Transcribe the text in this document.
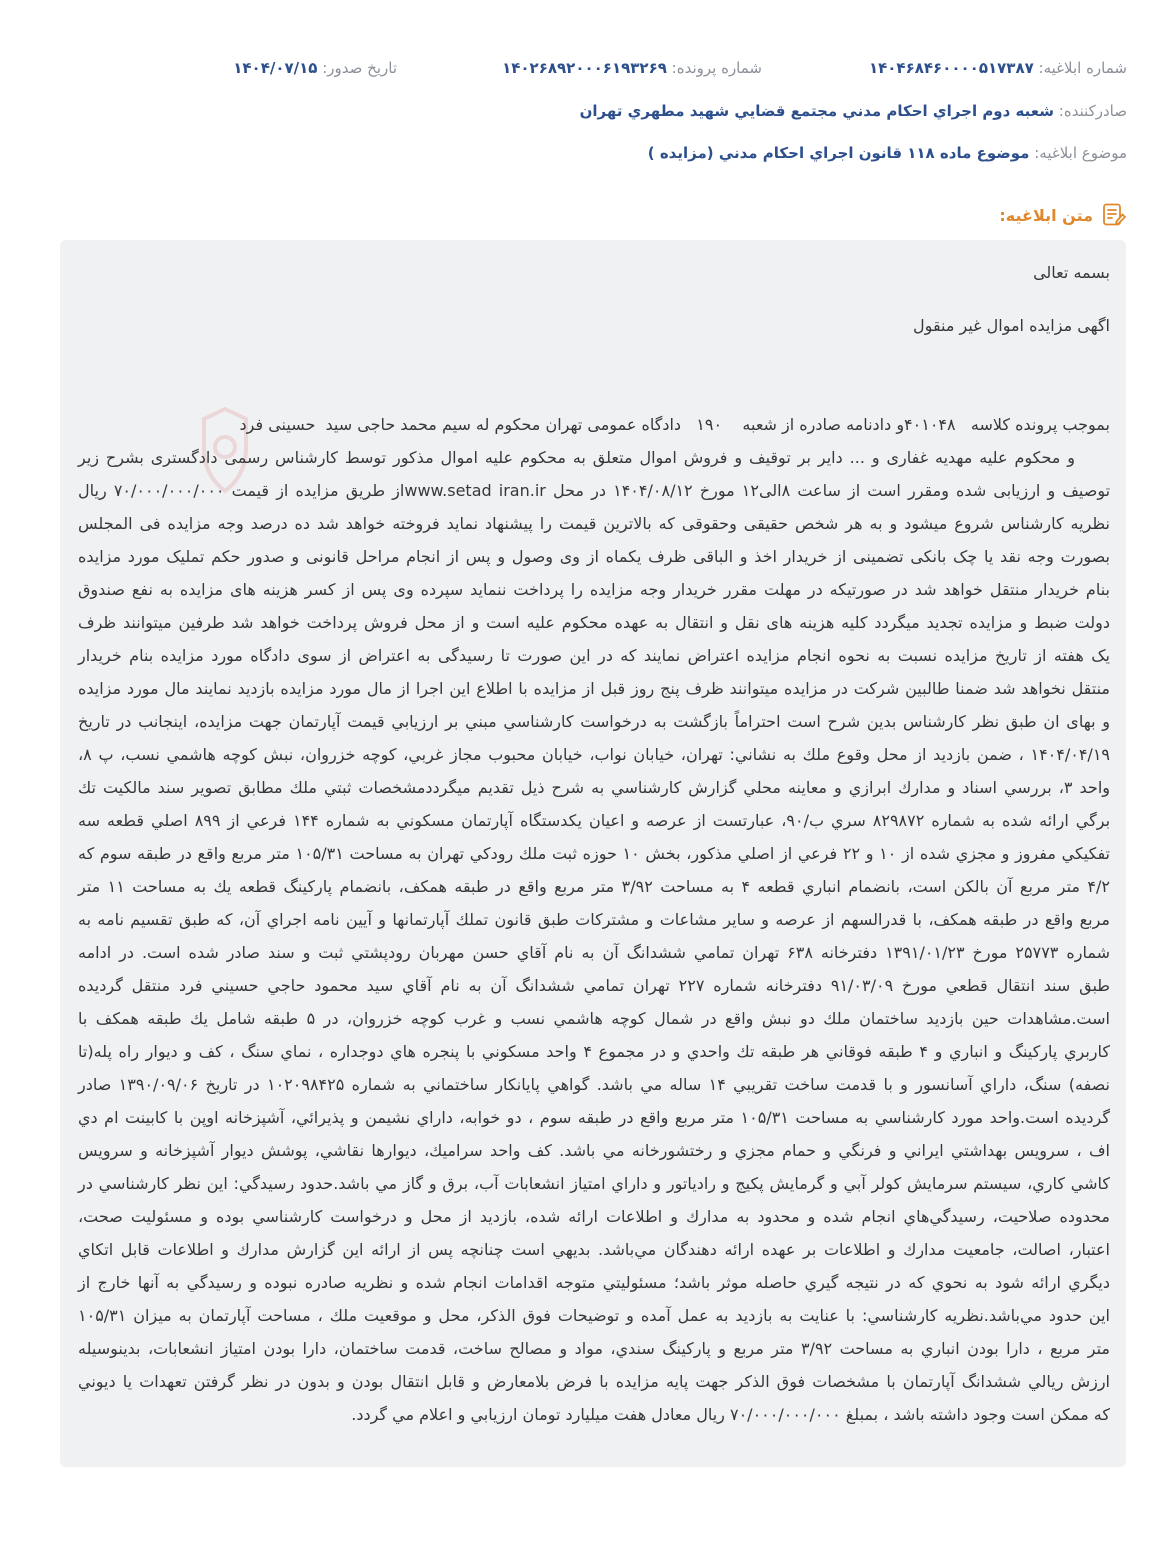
شماره ابلاغیه: ۱۴۰۴۶۸۴۶۰۰۰۰۵۱۷۳۸۷
شماره پرونده: ۱۴۰۲۶۸۹۲۰۰۰۶۱۹۳۲۶۹
تاریخ صدور: ۱۴۰۴/۰۷/۱۵
صادرکننده: شعبه دوم اجراي احكام مدني مجتمع قضايي شهيد مطهري تهران
موضوع ابلاغیه: موضوع ماده ۱۱۸ قانون اجراي احكام مدني (مزايده )
متن ابلاغیه:
بسمه تعالی
اگهی مزایده اموال غیر منقول
بموجب پرونده کلاسه   ۴۰۱۰۴۸و دادنامه صادره از شعبه    ۱۹۰   دادگاه عمومی تهران محکوم له سیم محمد حاجی سید  حسینی فرد
و محکوم علیه مهدیه غفاری و ... دایر بر توقیف و فروش اموال متعلق به محکوم علیه اموال مذکور توسط کارشناس رسمی دادگستری بشرح زیر
توصیف و ارزیابی شده ومقرر است از ساعت ۸الی۱۲ مورخ ۱۴۰۴/۰۸/۱۲ در محل www.setad iran.irاز طریق مزایده از قیمت ۷۰/۰۰۰/۰۰۰/۰۰۰ ریال
نظریه کارشناس شروع میشود و به هر شخص حقیقی وحقوقی که بالاترین قیمت را پیشنهاد نماید فروخته خواهد شد ده درصد وجه مزایده فی المجلس
بصورت وجه نقد یا چک بانکی تضمینی از خریدار اخذ و الباقی ظرف یکماه از وی وصول و پس از انجام مراحل قانونی و صدور حکم تملیک مورد مزایده
بنام خریدار منتقل خواهد شد در صورتیکه در مهلت مقرر خریدار وجه مزایده را پرداخت ننماید سپرده وی پس از کسر هزینه های مزایده به نفع صندوق
دولت ضبط و مزایده تجدید میگردد کلیه هزینه های نقل و انتقال به عهده محکوم علیه است و از محل فروش پرداخت خواهد شد طرفین میتوانند ظرف
یک هفته از تاریخ مزایده نسبت به نحوه انجام مزایده اعتراض نمایند که در این صورت تا رسیدگی به اعتراض از سوی دادگاه مورد مزایده بنام خریدار
منتقل نخواهد شد ضمنا طالبین شرکت در مزایده میتوانند ظرف پنج روز قبل از مزایده با اطلاع این اجرا از مال مورد مزایده بازدید نمایند مال مورد مزایده
و بهای ان طبق نظر کارشناس بدین شرح است احتراماً بازگشت به درخواست كارشناسي مبني بر ارزيابي قيمت آپارتمان جهت مزايده، اينجانب در تاريخ
۱۴۰۴/۰۴/۱۹ ، ضمن بازديد از محل وقوع ملك به نشاني: تهران، خيابان نواب، خيابان محبوب مجاز غربي، كوچه خزروان، نبش كوچه هاشمي نسب، پ ۸،
واحد ۳، بررسي اسناد و مدارك ابرازي و معاينه محلي گزارش كارشناسي به شرح ذيل تقديم ميگرددمشخصات ثبتي ملك مطابق تصوير سند مالكيت تك
برگي ارائه شده به شماره ۸۲۹۸۷۲ سري ب/۹۰، عبارتست از عرصه و اعيان يكدستگاه آپارتمان مسكوني به شماره ۱۴۴ فرعي از ۸۹۹ اصلي قطعه سه
تفكيكي مفروز و مجزي شده از ۱۰ و ۲۲ فرعي از اصلي مذكور، بخش ۱۰ حوزه ثبت ملك رودكي تهران به مساحت ۱۰۵/۳۱ متر مربع واقع در طبقه سوم كه
۴/۲ متر مربع آن بالكن است، بانضمام انباري قطعه ۴ به مساحت ۳/۹۲ متر مربع واقع در طبقه همكف، بانضمام پاركينگ قطعه يك به مساحت ۱۱ متر
مربع واقع در طبقه همكف، با قدرالسهم از عرصه و ساير مشاعات و مشتركات طبق قانون تملك آپارتمانها و آيين نامه اجراي آن، كه طبق تقسيم نامه به
شماره ۲۵۷۷۳ مورخ ۱۳۹۱/۰۱/۲۳ دفترخانه ۶۳۸ تهران تمامي ششدانگ آن به نام آقاي حسن مهربان رودپشتي ثبت و سند صادر شده است. در ادامه
طبق سند انتقال قطعي مورخ ۹۱/۰۳/۰۹ دفترخانه شماره ۲۲۷ تهران تمامي ششدانگ آن به نام آقاي سيد محمود حاجي حسيني فرد منتقل گرديده
است.مشاهدات حين بازديد ساختمان ملك دو نبش واقع در شمال كوچه هاشمي نسب و غرب كوچه خزروان، در ۵ طبقه شامل يك طبقه همكف با
كاربري پاركينگ و انباري و ۴ طبقه فوقاني هر طبقه تك واحدي و در مجموع ۴ واحد مسكوني با پنجره هاي دوجداره ، نماي سنگ ، كف و ديوار راه پله(تا
نصفه) سنگ، داراي آسانسور و با قدمت ساخت تقريبي ۱۴ ساله مي باشد. گواهي پايانكار ساختماني به شماره ۱۰۲۰۹۸۴۲۵ در تاريخ ۱۳۹۰/۰۹/۰۶ صادر
گرديده است.واحد مورد كارشناسي به مساحت ۱۰۵/۳۱ متر مربع واقع در طبقه سوم ، دو خوابه، داراي نشيمن و پذيرائي، آشپزخانه اوپن با كابينت ام دي
اف ، سرويس بهداشتي ايراني و فرنگي و حمام مجزي و رختشورخانه مي باشد. كف واحد سراميك، ديوارها نقاشي، پوشش ديوار آشپزخانه و سرويس
كاشي كاري، سيستم سرمايش كولر آبي و گرمايش پكيج و رادياتور و داراي امتياز انشعابات آب، برق و گاز مي باشد.حدود رسيدگي: اين نظر كارشناسي در
محدوده صلاحيت، رسيدگي‌هاي انجام شده و محدود به مدارك و اطلاعات ارائه شده، بازديد از محل و درخواست كارشناسي بوده و مسئوليت صحت،
اعتبار، اصالت، جامعيت مدارك و اطلاعات بر عهده ارائه دهندگان مي‌باشد. بديهي است چنانچه پس از ارائه اين گزارش مدارك و اطلاعات قابل اتكاي
ديگري ارائه شود به نحوي كه در نتيجه گيري حاصله موثر باشد؛ مسئوليتي متوجه اقدامات انجام شده و نظريه صادره نبوده و رسيدگي به آنها خارج از
اين حدود مي‌باشد.نظريه كارشناسي: با عنايت به بازديد به عمل آمده و توضيحات فوق الذكر، محل و موقعيت ملك ، مساحت آپارتمان به ميزان ۱۰۵/۳۱
متر مربع ، دارا بودن انباري به مساحت ۳/۹۲ متر مربع و پاركينگ سندي، مواد و مصالح ساخت، قدمت ساختمان، دارا بودن امتياز انشعابات، بدينوسيله
ارزش ريالي ششدانگ آپارتمان با مشخصات فوق الذكر جهت پايه مزايده با فرض بلامعارض و قابل انتقال بودن و بدون در نظر گرفتن تعهدات يا ديوني
كه ممكن است وجود داشته باشد ، بمبلغ ۷۰/۰۰۰/۰۰۰/۰۰۰ ريال معادل هفت ميليارد تومان ارزيابي و اعلام مي گردد.
